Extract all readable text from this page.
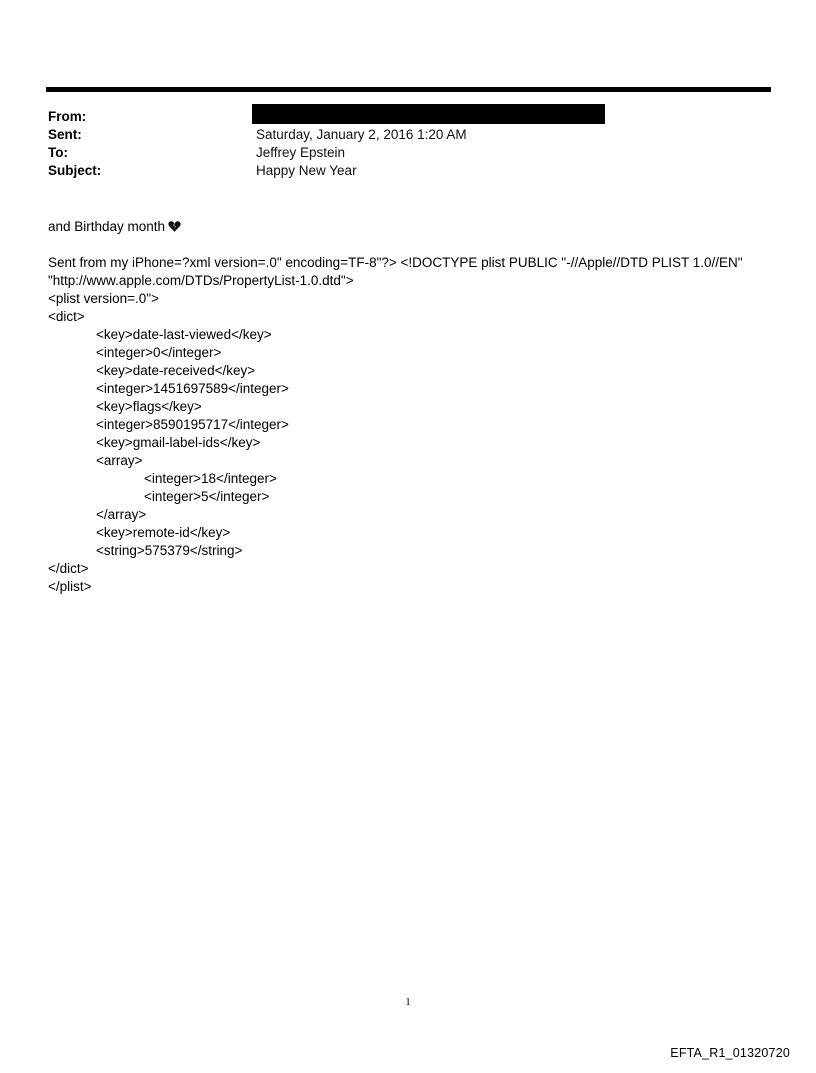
From:
Sent:	Saturday, January 2, 2016 1:20 AM
To:	Jeffrey Epstein
Subject:	Happy New Year
and Birthday month
Sent from my iPhone=?xml version=.0" encoding=TF-8"?> <!DOCTYPE plist PUBLIC "-//Apple//DTD PLIST 1.0//EN"
"http://www.apple.com/DTDs/PropertyList-1.0.dtd">
<plist version=.0">
<dict>
<key>date-last-viewed</key>
<integer>0</integer>
<key>date-received</key>
<integer>1451697589</integer>
<key>flags</key>
<integer>8590195717</integer>
<key>gmail-label-ids</key>
<array>
<integer>18</integer>
<integer>5</integer>
</array>
<key>remote-id</key>
<string>575379</string>
</dict>
</plist>
1
EFTA_R1_01320720
